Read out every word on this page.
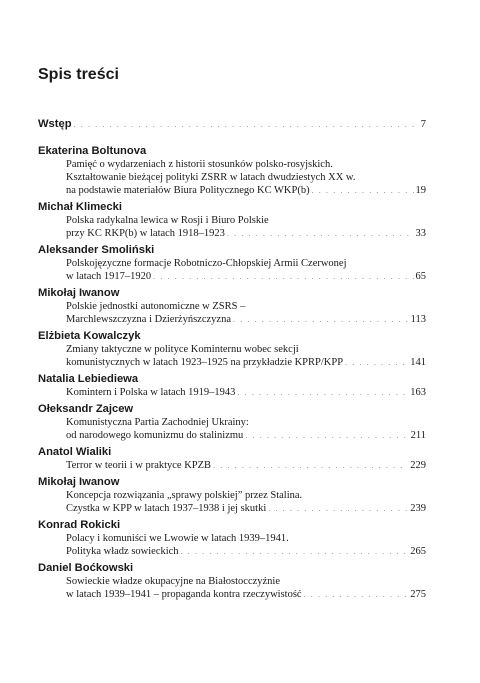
Spis treści
Wstęp . . .	7
Ekaterina Boltunova
Pamięć o wydarzeniach z historii stosunków polsko-rosyjskich.
Kształtowanie bieżącej polityki ZSRR w latach dwudziestych XX w.
na podstawie materiałów Biura Politycznego KC WKP(b) . . .	19
Michał Klimecki
Polska radykalna lewica w Rosji i Biuro Polskie
przy KC RKP(b) w latach 1918–1923 . . .	33
Aleksander Smoliński
Polskojęzyczne formacje Robotniczo-Chłopskiej Armii Czerwonej
w latach 1917–1920 . . .	65
Mikołaj Iwanow
Polskie jednostki autonomiczne w ZSRS –
Marchlewszczyzna i Dzierżyńszczyzna . . .	113
Elżbieta Kowalczyk
Zmiany taktyczne w polityce Kominternu wobec sekcji
komunistycznych w latach 1923–1925 na przykładzie KPRP/KPP . . .	141
Natalia Lebiediewa
Komintern i Polska w latach 1919–1943 . . .	163
Ołeksandr Zajcew
Komunistyczna Partia Zachodniej Ukrainy:
od narodowego komunizmu do stalinizmu . . .	211
Anatol Wialiki
Terror w teorii i w praktyce KPZB . . .	229
Mikołaj Iwanow
Koncepcja rozwiązania „sprawy polskiej” przez Stalina.
Czystka w KPP w latach 1937–1938 i jej skutki . . .	239
Konrad Rokicki
Polacy i komuniści we Lwowie w latach 1939–1941.
Polityka władz sowieckich . . .	265
Daniel Boćkowski
Sowieckie władze okupacyjne na Białostocczyźnie
w latach 1939–1941 – propaganda kontra rzeczywistość . . .	275
